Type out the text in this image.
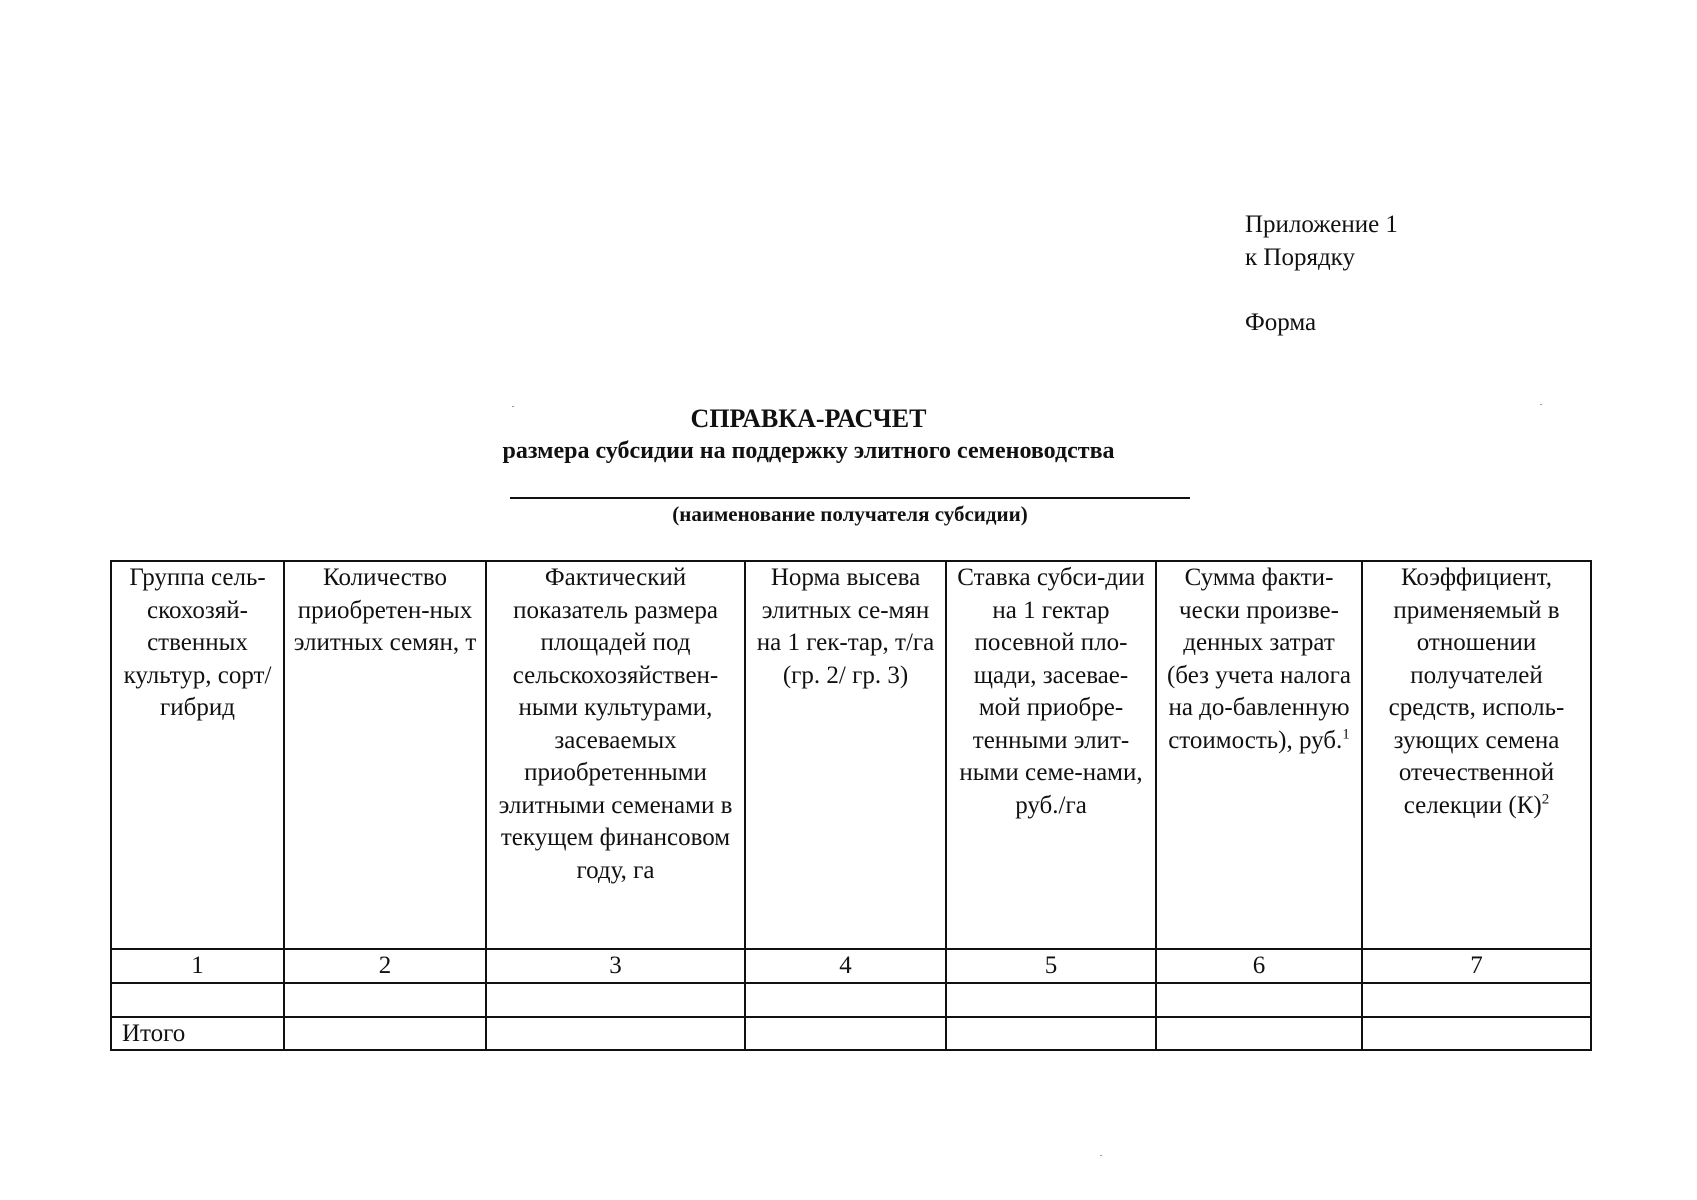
Приложение 1
к Порядку
Форма
СПРАВКА-РАСЧЕТ
размера субсидии на поддержку элитного семеноводства
(наименование получателя субсидии)
Группа сель-скохозяй-ственных культур, сорт/гибрид	Количество приобретен-ных элитных семян, т	Фактический показатель размера площадей под сельскохозяйствен-ными культурами, засеваемых приобретенными элитными семенами в текущем финансовом году, га	Норма высева элитных се-мян на 1 гек-тар, т/га (гр. 2/ гр. 3)	Ставка субси-дии на 1 гектар посевной пло-щади, засевае-мой приобре-тенными элит-ными семе-нами, руб./га	Сумма факти-чески произве-денных затрат (без учета налога на до-бавленную стоимость), руб.$^1$	Коэффициент, применяемый в отношении получателей средств, исполь-зующих семена отечественной селекции $(К)^2$
1	2	3	4	5	6	7

Итого						
